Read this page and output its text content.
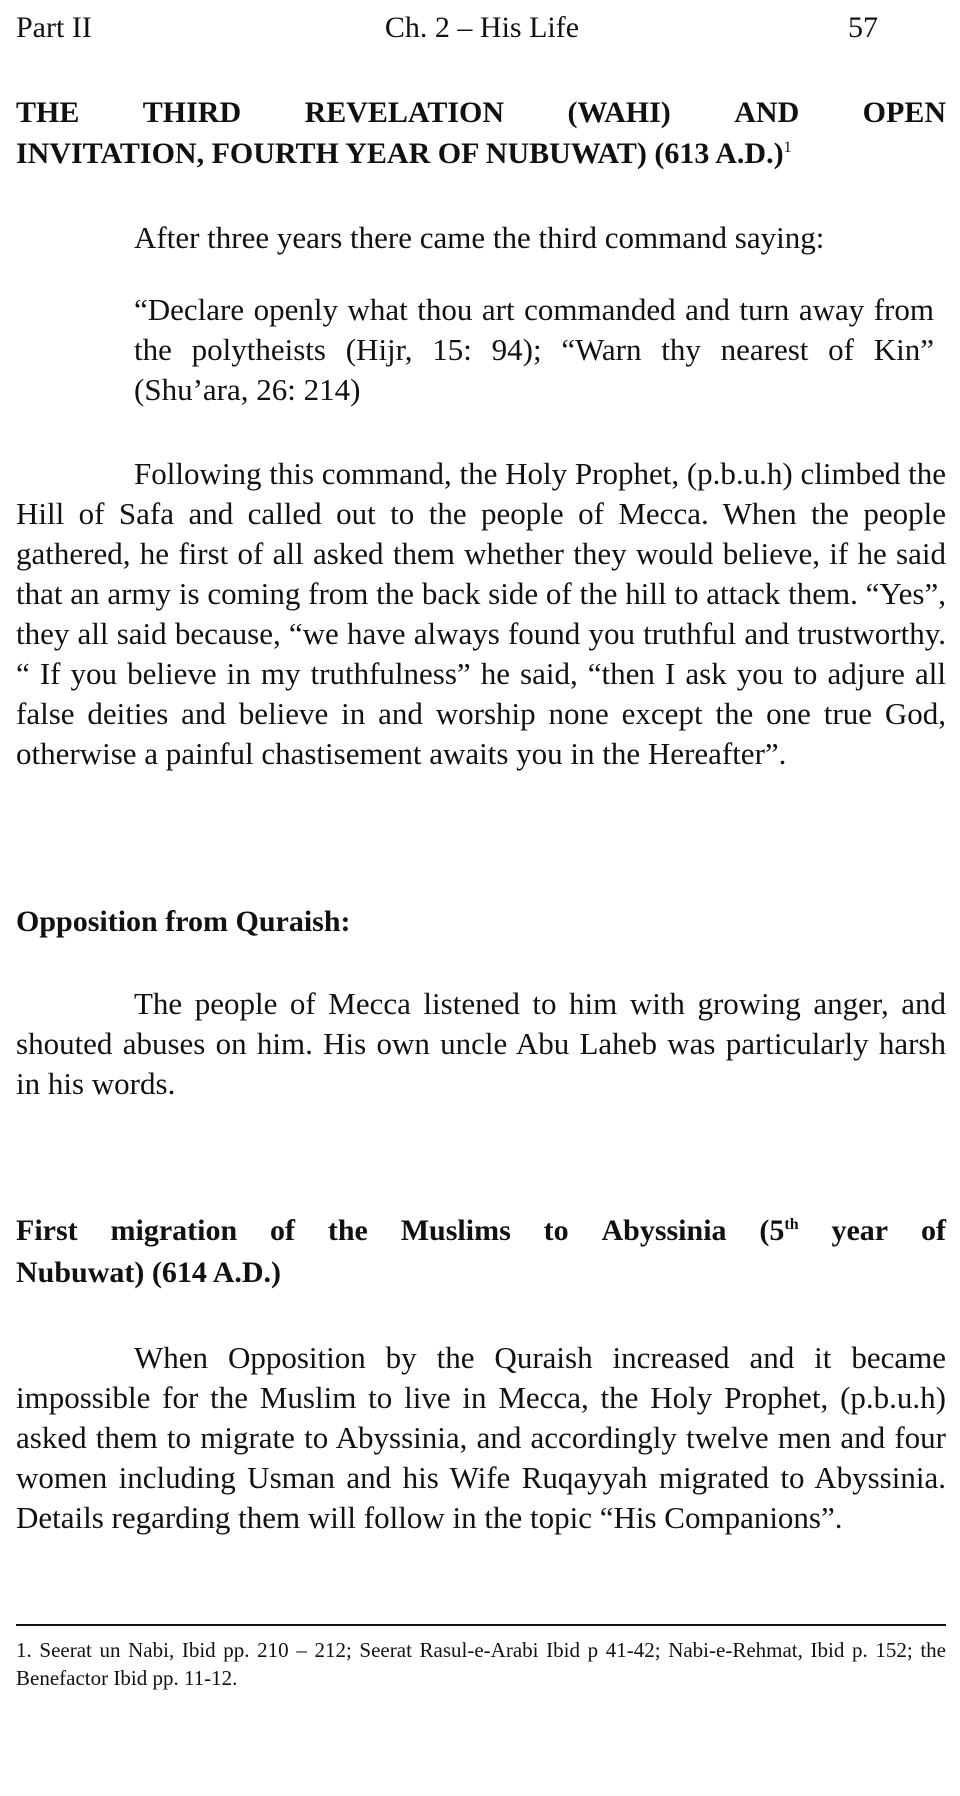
Part II	Ch. 2 – His Life	57
THE THIRD REVELATION (WAHI) AND OPEN
INVITATION, FOURTH YEAR OF NUBUWAT) (613 A.D.)$^1$
After three years there came the third command saying:
“Declare openly what thou art commanded and turn away from the polytheists (Hijr, 15: 94); “Warn thy nearest of Kin” (Shu’ara, 26: 214)
Following this command, the Holy Prophet, (p.b.u.h) climbed the Hill of Safa and called out to the people of Mecca. When the people gathered, he first of all asked them whether they would believe, if he said that an army is coming from the back side of the hill to attack them. “Yes”, they all said because, “we have always found you truthful and trustworthy. “ If you believe in my truthfulness” he said, “then I ask you to adjure all false deities and believe in and worship none except the one true God, otherwise a painful chastisement awaits you in the Hereafter”.
Opposition from Quraish:
The people of Mecca listened to him with growing anger, and shouted abuses on him. His own uncle Abu Laheb was particularly harsh in his words.
First migration of the Muslims to Abyssinia (5th year of
Nubuwat) (614 A.D.)
When Opposition by the Quraish increased and it became impossible for the Muslim to live in Mecca, the Holy Prophet, (p.b.u.h) asked them to migrate to Abyssinia, and accordingly twelve men and four women including Usman and his Wife Ruqayyah migrated to Abyssinia. Details regarding them will follow in the topic “His Companions”.
1. Seerat un Nabi, Ibid pp. 210 – 212; Seerat Rasul-e-Arabi Ibid p 41-42; Nabi-e-Rehmat, Ibid p. 152; the Benefactor Ibid pp. 11-12.
